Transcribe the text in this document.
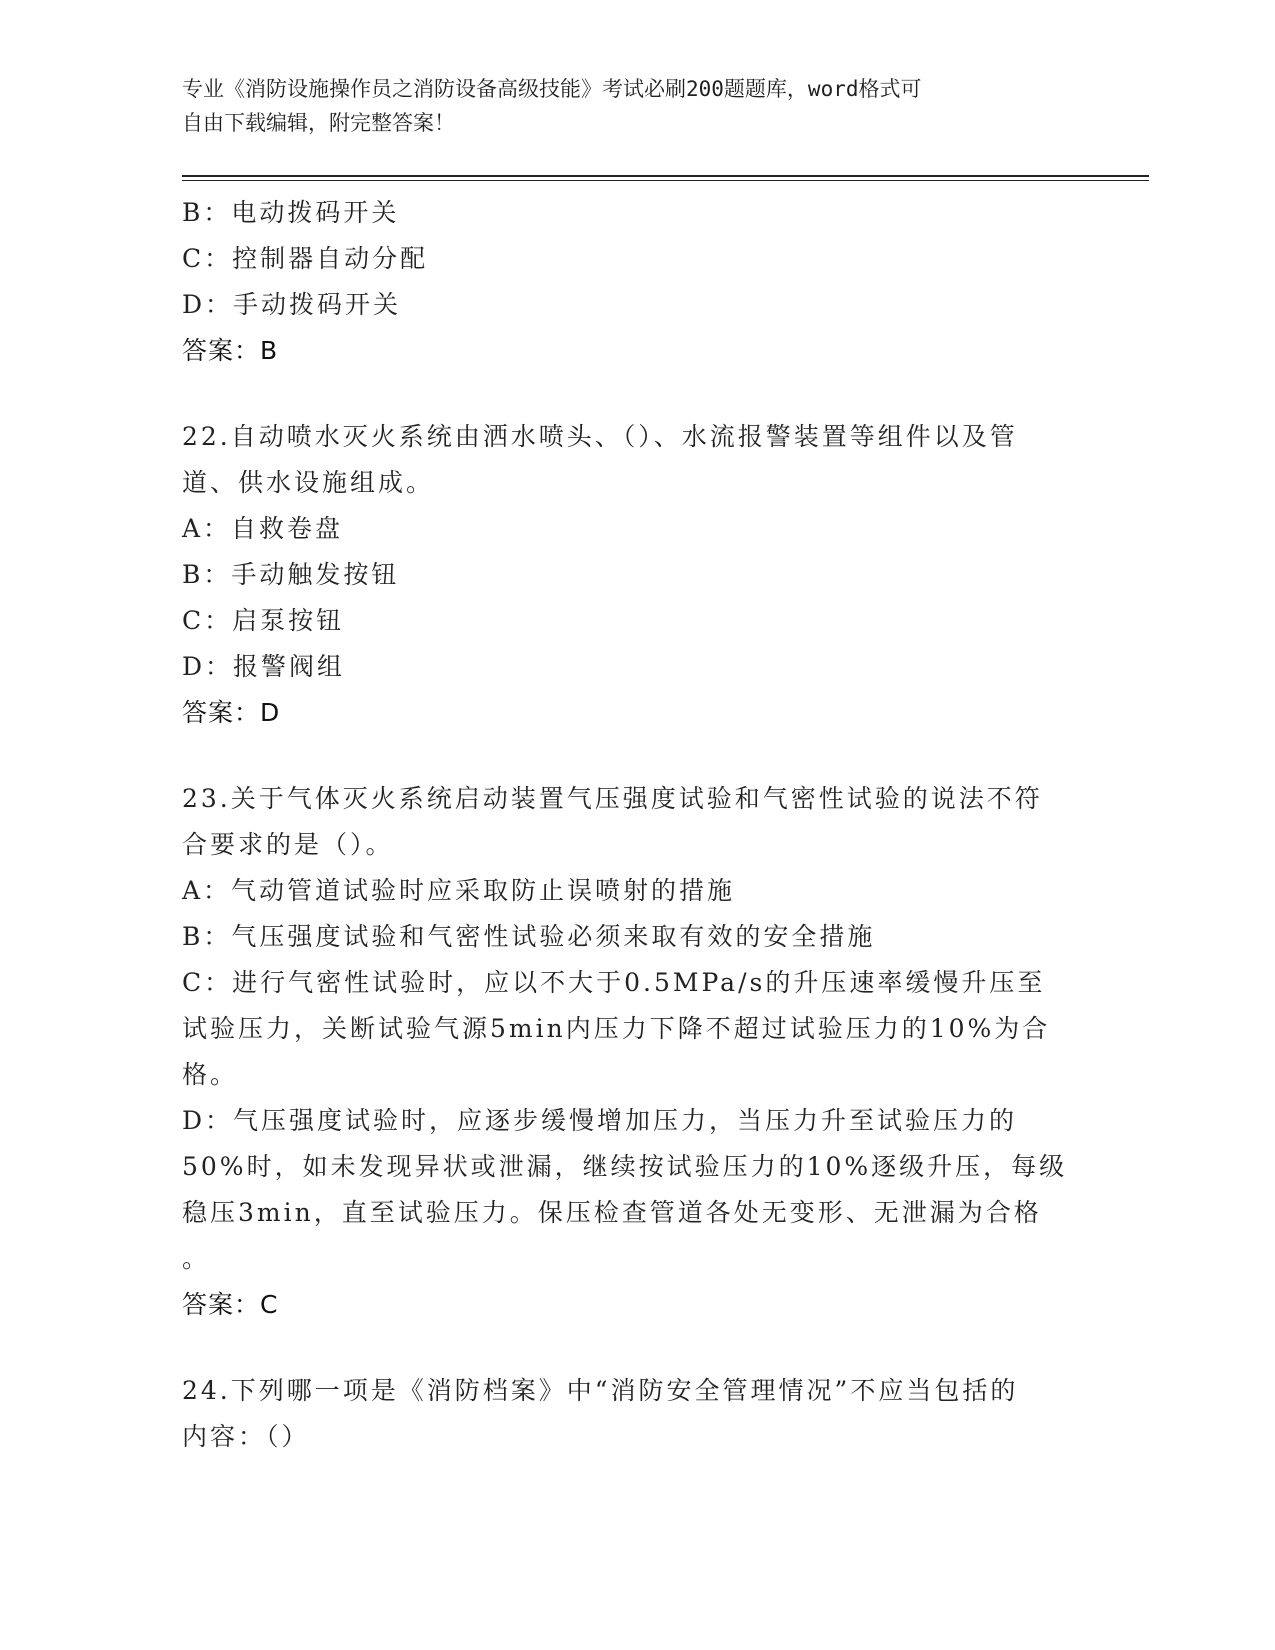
专业《消防设施操作员之消防设备高级技能》考试必刷200题题库，word格式可
自由下载编辑，附完整答案！
B：电动拨码开关
C：控制器自动分配
D：手动拨码开关
答案：B
22.自动喷水灭火系统由洒水喷头、（）、水流报警装置等组件以及管
道、供水设施组成。
A：自救卷盘
B：手动触发按钮
C：启泵按钮
D：报警阀组
答案：D
23.关于气体灭火系统启动装置气压强度试验和气密性试验的说法不符
合要求的是（）。
A：气动管道试验时应采取防止误喷射的措施
B：气压强度试验和气密性试验必须来取有效的安全措施
C：进行气密性试验时，应以不大于0.5MPa/s的升压速率缓慢升压至
试验压力，关断试验气源5min内压力下降不超过试验压力的10%为合
格。
D：气压强度试验时，应逐步缓慢增加压力，当压力升至试验压力的
50%时，如未发现异状或泄漏，继续按试验压力的10%逐级升压，每级
稳压3min，直至试验压力。保压检查管道各处无变形、无泄漏为合格
。
答案：C
24.下列哪一项是《消防档案》中“消防安全管理情况”不应当包括的
内容：（）
